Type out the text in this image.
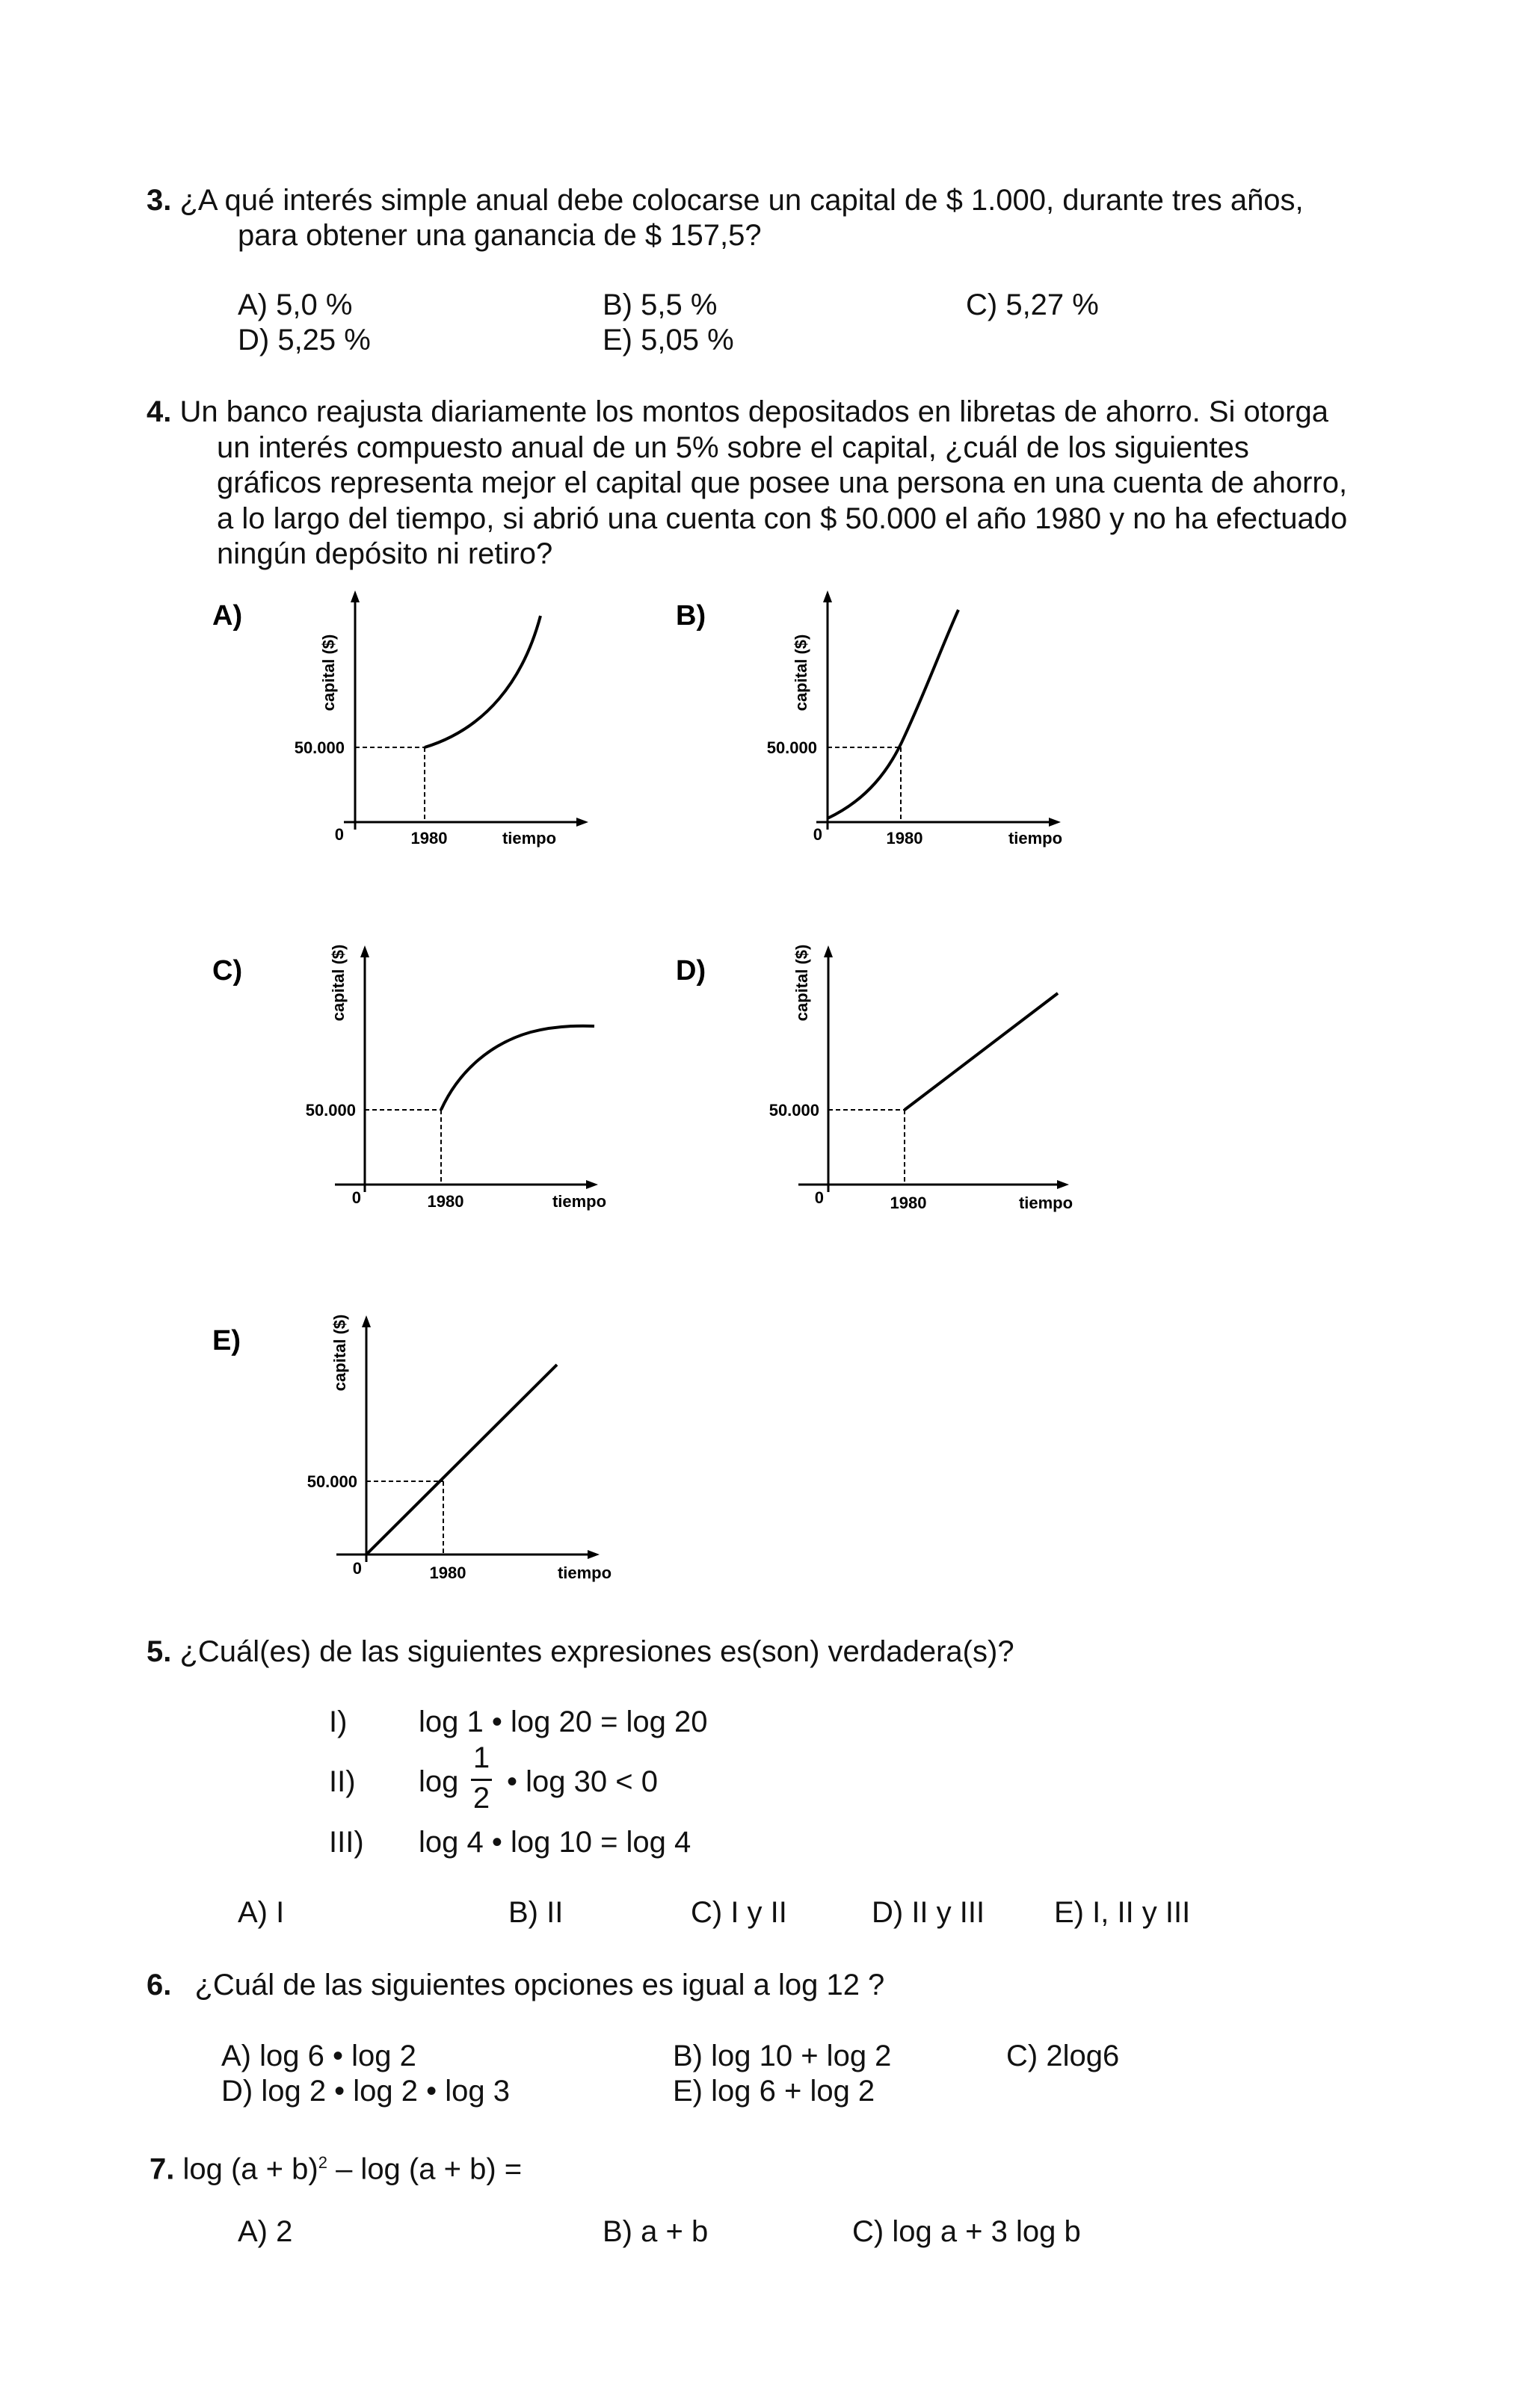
3. ¿A qué interés simple anual debe colocarse un capital de $ 1.000, durante tres años,
para obtener una ganancia de $ 157,5?
A) 5,0 %	B) 5,5 %	C) 5,27 %
D) 5,25 %	E) 5,05 %
4. Un banco reajusta diariamente los montos depositados en libretas de ahorro. Si otorga
un interés compuesto anual de un 5% sobre el capital, ¿cuál de los siguientes
gráficos representa mejor el capital que posee una persona en una cuenta de ahorro,
a lo largo del tiempo, si abrió una cuenta con $ 50.000 el año 1980 y no ha efectuado
ningún depósito ni retiro?
A)
capital ($)
50.000
0	1980	tiempo
B)
capital ($)
50.000
0	1980	tiempo
C)	capital ($)
50.000
0	1980	tiempo
D)	capital ($)
50.000
0	1980	tiempo
E)	capital ($)
50.000
0	1980	tiempo
5. ¿Cuál(es) de las siguientes expresiones es(son) verdadera(s)?
I) log 1 • log 20 = log 20
II) log
1
2 • log 30 < 0
III) log 4 • log 10 = log 4
A) I	B) II	C) I y II	D) II y III E) I, II y III
6. ¿Cuál de las siguientes opciones es igual a log 12 ?
A) log 6 • log 2	B) log 10 + log 2	C) 2log6
D) log 2 • log 2 • log 3	E) log 6 + log 2
7. $\log (a + b)^2 - \log (a + b)$ =
A) 2	B) a + b	C) log a + 3 log b
